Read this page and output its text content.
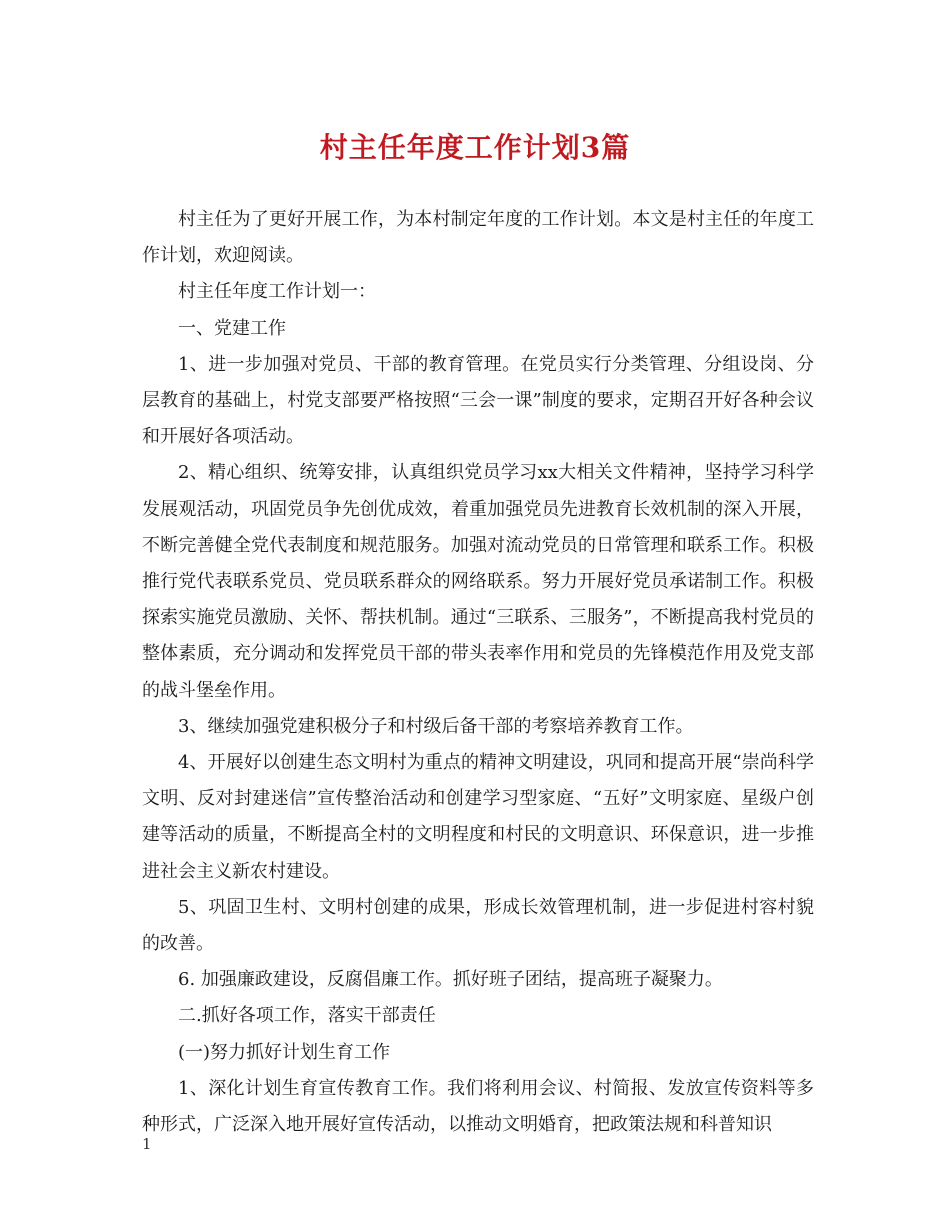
村主任年度工作计划3篇

村主任为了更好开展工作，为本村制定年度的工作计划。本文是村主任的年度工作计划，欢迎阅读。

村主任年度工作计划一：

一、党建工作

1、进一步加强对党员、干部的教育管理。在党员实行分类管理、分组设岗、分层教育的基础上，村党支部要严格按照“三会一课”制度的要求，定期召开好各种会议和开展好各项活动。

2、精心组织、统筹安排，认真组织党员学习xx大相关文件精神，坚持学习科学发展观活动，巩固党员争先创优成效，着重加强党员先进教育长效机制的深入开展，不断完善健全党代表制度和规范服务。加强对流动党员的日常管理和联系工作。积极推行党代表联系党员、党员联系群众的网络联系。努力开展好党员承诺制工作。积极探索实施党员激励、关怀、帮扶机制。通过“三联系、三服务”，不断提高我村党员的整体素质，充分调动和发挥党员干部的带头表率作用和党员的先锋模范作用及党支部的战斗堡垒作用。

3、继续加强党建积极分子和村级后备干部的考察培养教育工作。

4、开展好以创建生态文明村为重点的精神文明建设，巩同和提高开展“崇尚科学文明、反对封建迷信”宣传整治活动和创建学习型家庭、“五好”文明家庭、星级户创建等活动的质量，不断提高全村的文明程度和村民的文明意识、环保意识，进一步推进社会主义新农村建设。

5、巩固卫生村、文明村创建的成果，形成长效管理机制，进一步促进村容村貌的改善。

6. 加强廉政建设，反腐倡廉工作。抓好班子团结，提高班子凝聚力。

二.抓好各项工作，落实干部责任

(一)努力抓好计划生育工作

1、深化计划生育宣传教育工作。我们将利用会议、村简报、发放宣传资料等多种形式，广泛深入地开展好宣传活动，以推动文明婚育，把政策法规和科普知识

1
